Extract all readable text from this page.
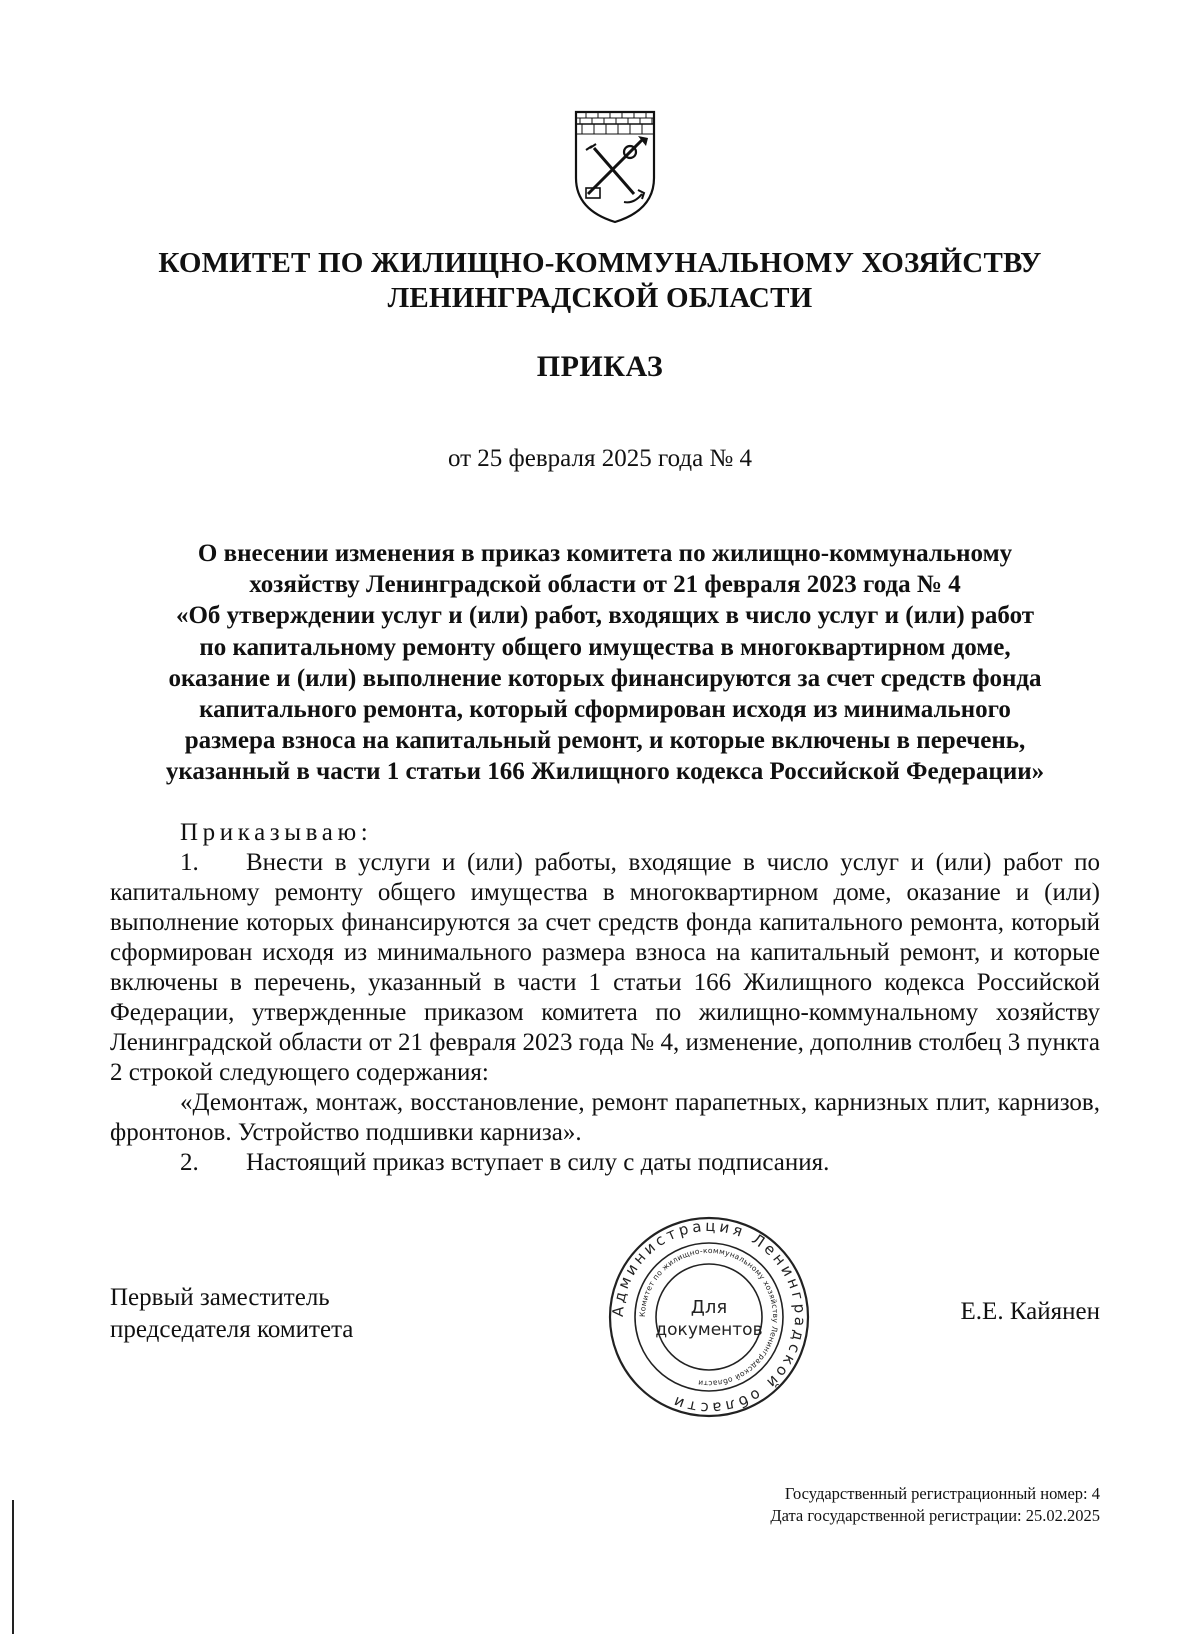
КОМИТЕТ ПО ЖИЛИЩНО-КОММУНАЛЬНОМУ ХОЗЯЙСТВУ
ЛЕНИНГРАДСКОЙ ОБЛАСТИ
ПРИКАЗ
от 25 февраля 2025 года № 4
О внесении изменения в приказ комитета по жилищно-коммунальному
хозяйству Ленинградской области от 21 февраля 2023 года № 4
«Об утверждении услуг и (или) работ, входящих в число услуг и (или) работ
по капитальному ремонту общего имущества в многоквартирном доме,
оказание и (или) выполнение которых финансируются за счет средств фонда
капитального ремонта, который сформирован исходя из минимального
размера взноса на капитальный ремонт, и которые включены в перечень,
указанный в части 1 статьи 166 Жилищного кодекса Российской Федерации»

Приказываю:

1. Внести в услуги и (или) работы, входящие в число услуг и (или) работ по капитальному ремонту общего имущества в многоквартирном доме, оказание и (или) выполнение которых финансируются за счет средств фонда капитального ремонта, который сформирован исходя из минимального размера взноса на капитальный ремонт, и которые включены в перечень, указанный в части 1 статьи 166 Жилищного кодекса Российской Федерации, утвержденные приказом комитета по жилищно-коммунальному хозяйству Ленинградской области от 21 февраля 2023 года № 4, изменение, дополнив столбец 3 пункта 2 строкой следующего содержания:

«Демонтаж, монтаж, восстановление, ремонт парапетных, карнизных плит, карнизов, фронтонов. Устройство подшивки карниза».

2. Настоящий приказ вступает в силу с даты подписания.

Первый заместитель
председателя комитета
Администрация Ленинградской области
Комитет по жилищно-коммунальному хозяйству Ленинградской области
Для
документов
Е.Е. Кайянен
Государственный регистрационный номер: 4
Дата государственной регистрации: 25.02.2025
